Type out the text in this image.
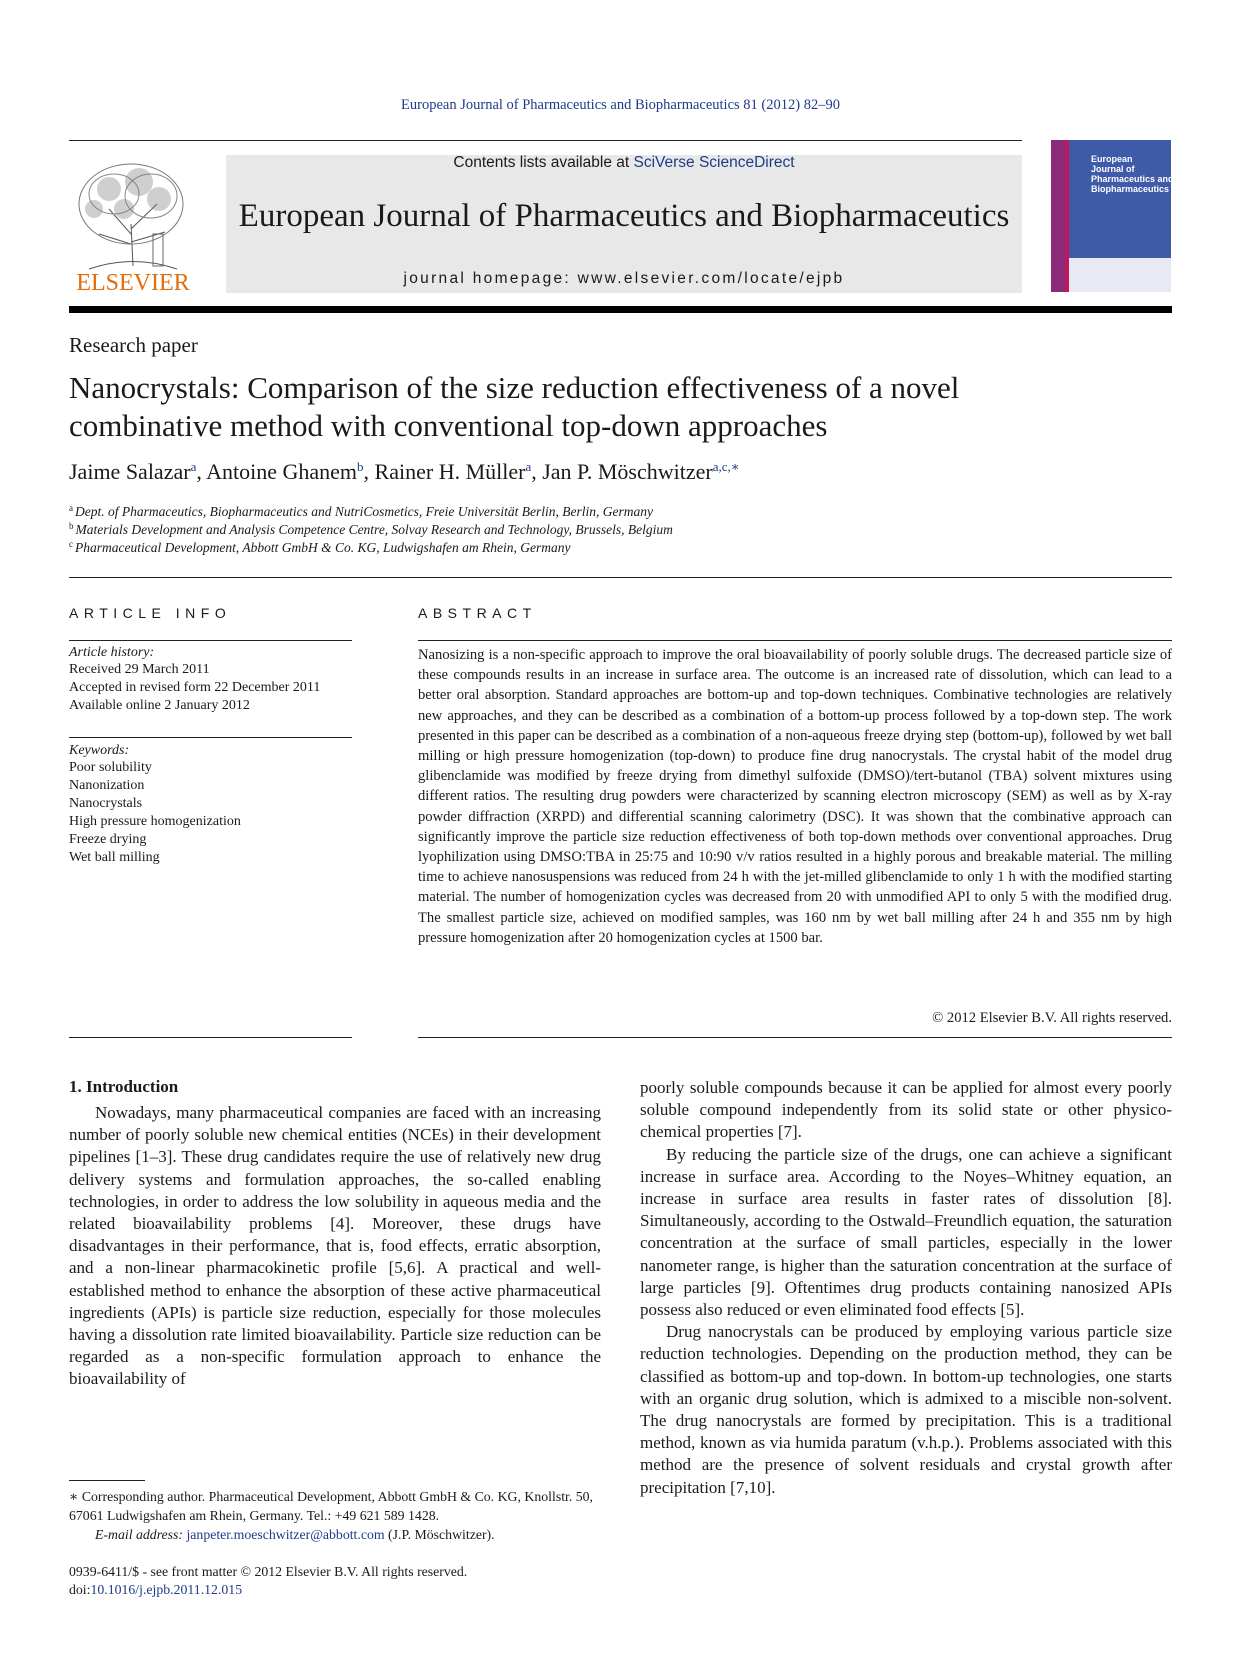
European Journal of Pharmaceutics and Biopharmaceutics 81 (2012) 82–90
ELSEVIER
Contents lists available at SciVerse ScienceDirect
European Journal of Pharmaceutics and Biopharmaceutics
journal homepage: www.elsevier.com/locate/ejpb
European
Journal of
Pharmaceutics and
Biopharmaceutics
Research paper
Nanocrystals: Comparison of the size reduction effectiveness of a novel
combinative method with conventional top-down approaches
Jaime Salazar$^a$, Antoine Ghanem$^b$, Rainer H. Müller$^a$, Jan P. Möschwitzer$^{a,c,∗}$
$^a$ Dept. of Pharmaceutics, Biopharmaceutics and NutriCosmetics, Freie Universität Berlin, Berlin, Germany
$^b$ Materials Development and Analysis Competence Centre, Solvay Research and Technology, Brussels, Belgium
$^c$ Pharmaceutical Development, Abbott GmbH & Co. KG, Ludwigshafen am Rhein, Germany
ARTICLE INFO	ABSTRACT
Article history:
Received 29 March 2011
Accepted in revised form 22 December 2011
Available online 2 January 2012
Keywords:
Poor solubility
Nanonization
Nanocrystals
High pressure homogenization
Freeze drying
Wet ball milling
Nanosizing is a non-specific approach to improve the oral bioavailability of poorly soluble drugs. The decreased particle size of these compounds results in an increase in surface area. The outcome is an increased rate of dissolution, which can lead to a better oral absorption. Standard approaches are bottom-up and top-down techniques. Combinative technologies are relatively new approaches, and they can be described as a combination of a bottom-up process followed by a top-down step. The work presented in this paper can be described as a combination of a non-aqueous freeze drying step (bottom-up), followed by wet ball milling or high pressure homogenization (top-down) to produce fine drug nanocrystals. The crystal habit of the model drug glibenclamide was modified by freeze drying from dimethyl sulfoxide (DMSO)/tert-butanol (TBA) solvent mixtures using different ratios. The resulting drug powders were characterized by scanning electron microscopy (SEM) as well as by X-ray powder diffraction (XRPD) and differential scanning calorimetry (DSC). It was shown that the combinative approach can significantly improve the particle size reduction effectiveness of both top-down methods over conventional approaches. Drug lyophilization using DMSO:TBA in 25:75 and 10:90 v/v ratios resulted in a highly porous and breakable material. The milling time to achieve nanosuspensions was reduced from 24 h with the jet-milled glibenclamide to only 1 h with the modified starting material. The number of homogenization cycles was decreased from 20 with unmodified API to only 5 with the modified drug. The smallest particle size, achieved on modified samples, was 160 nm by wet ball milling after 24 h and 355 nm by high pressure homogenization after 20 homogenization cycles at 1500 bar.
© 2012 Elsevier B.V. All rights reserved.
1. Introduction

Nowadays, many pharmaceutical companies are faced with an increasing number of poorly soluble new chemical entities (NCEs) in their development pipelines [1–3]. These drug candidates require the use of relatively new drug delivery systems and formulation approaches, the so-called enabling technologies, in order to address the low solubility in aqueous media and the related bioavailability problems [4]. Moreover, these drugs have disadvantages in their performance, that is, food effects, erratic absorption, and a non-linear pharmacokinetic profile [5,6]. A practical and well-established method to enhance the absorption of these active pharmaceutical ingredients (APIs) is particle size reduction, especially for those molecules having a dissolution rate limited bioavailability. Particle size reduction can be regarded as a non-specific formulation approach to enhance the bioavailability of

poorly soluble compounds because it can be applied for almost every poorly soluble compound independently from its solid state or other physico-chemical properties [7].

By reducing the particle size of the drugs, one can achieve a significant increase in surface area. According to the Noyes–Whitney equation, an increase in surface area results in faster rates of dissolution [8]. Simultaneously, according to the Ostwald–Freundlich equation, the saturation concentration at the surface of small particles, especially in the lower nanometer range, is higher than the saturation concentration at the surface of large particles [9]. Oftentimes drug products containing nanosized APIs possess also reduced or even eliminated food effects [5].

Drug nanocrystals can be produced by employing various particle size reduction technologies. Depending on the production method, they can be classified as bottom-up and top-down. In bottom-up technologies, one starts with an organic drug solution, which is admixed to a miscible non-solvent. The drug nanocrystals are formed by precipitation. This is a traditional method, known as via humida paratum (v.h.p.). Problems associated with this method are the presence of solvent residuals and crystal growth after precipitation [7,10].

∗ Corresponding author. Pharmaceutical Development, Abbott GmbH & Co. KG, Knollstr. 50, 67061 Ludwigshafen am Rhein, Germany. Tel.: +49 621 589 1428.
E-mail address: janpeter.moeschwitzer@abbott.com (J.P. Möschwitzer).
0939-6411/$ - see front matter © 2012 Elsevier B.V. All rights reserved.
doi:10.1016/j.ejpb.2011.12.015
